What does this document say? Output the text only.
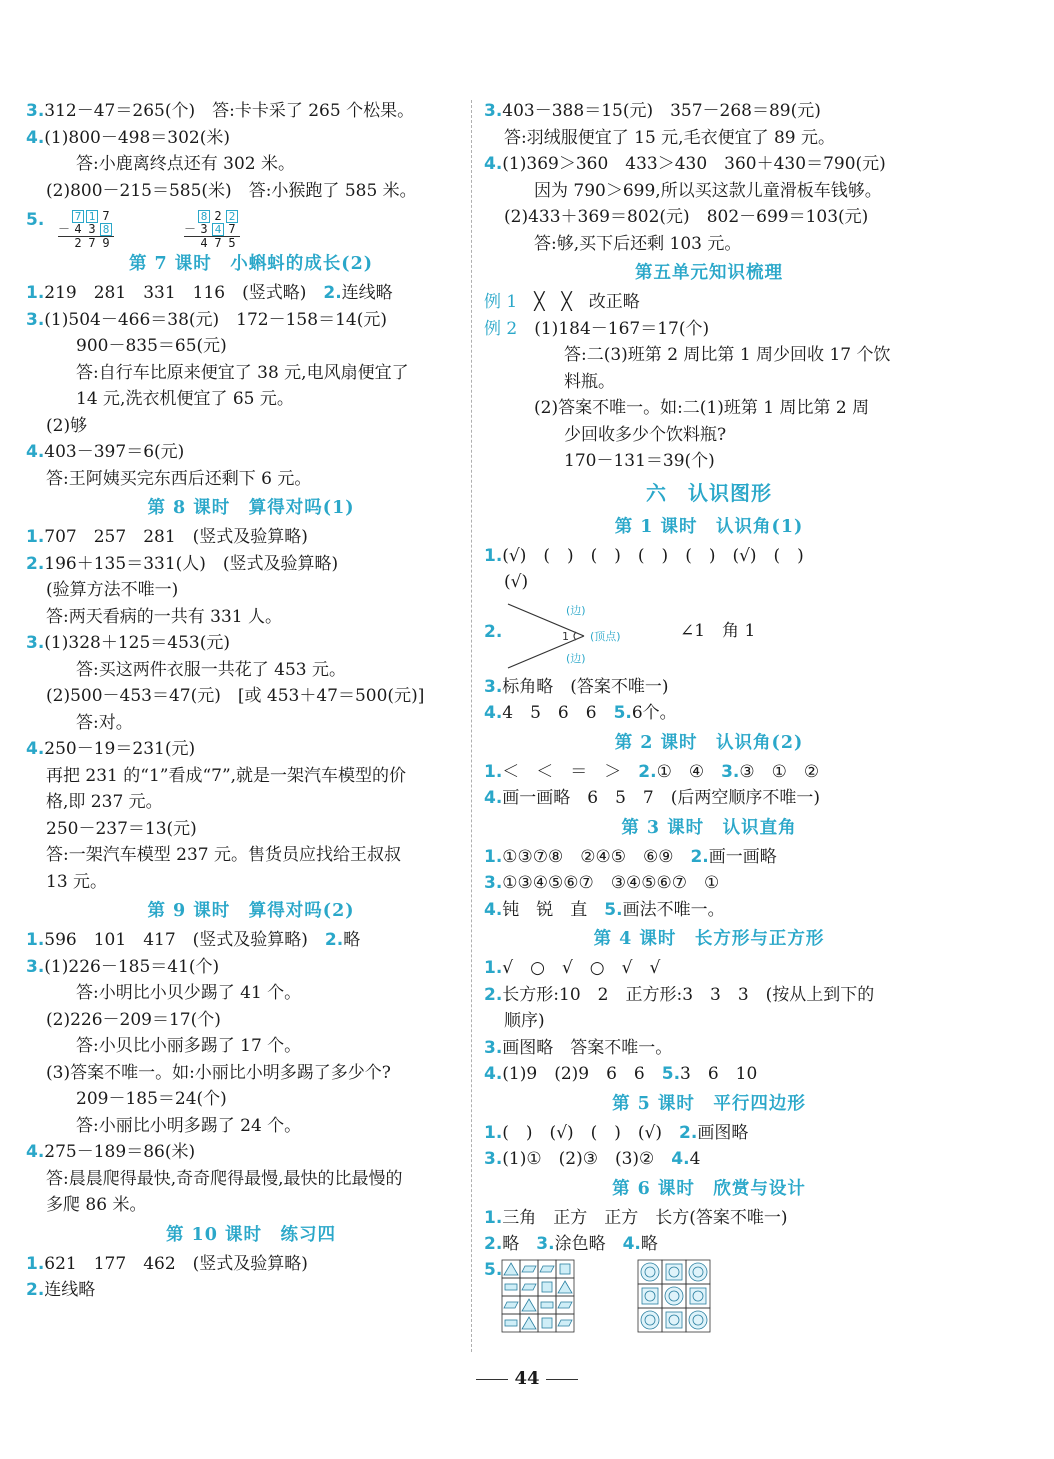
3.312－47＝265(个)　答:卡卡采了 265 个松果。
4.(1)800－498＝302(米)
答:小鹿离终点还有 302 米。
(2)800－215＝585(米)　答:小猴跑了 585 米。
5.	7 1 7
－ 4 3 8
2 7 9
8 2 2
－ 3 4 7
4 7 5
第 7 课时　小蝌蚪的成长(2)
1.219　281　331　116　(竖式略)　2.连线略
3.(1)504－466＝38(元)　172－158＝14(元)
900－835＝65(元)
答:自行车比原来便宜了 38 元,电风扇便宜了
14 元,洗衣机便宜了 65 元。
(2)够
4.403－397＝6(元)
答:王阿姨买完东西后还剩下 6 元。
第 8 课时　算得对吗(1)
1.707　257　281　(竖式及验算略)
2.196＋135＝331(人)　(竖式及验算略)
(验算方法不唯一)
答:两天看病的一共有 331 人。
3.(1)328＋125＝453(元)
答:买这两件衣服一共花了 453 元。
(2)500－453＝47(元)　[或 453＋47＝500(元)]
答:对。
4.250－19＝231(元)
再把 231 的“1”看成“7”,就是一架汽车模型的价
格,即 237 元。
250－237＝13(元)
答:一架汽车模型 237 元。售货员应找给王叔叔
13 元。
第 9 课时　算得对吗(2)
1.596　101　417　(竖式及验算略)　2.略
3.(1)226－185＝41(个)
答:小明比小贝少踢了 41 个。
(2)226－209＝17(个)
答:小贝比小丽多踢了 17 个。
(3)答案不唯一。如:小丽比小明多踢了多少个?
209－185＝24(个)
答:小丽比小明多踢了 24 个。
4.275－189＝86(米)
答:晨晨爬得最快,奇奇爬得最慢,最快的比最慢的
多爬 86 米。
第 10 课时　练习四
1.621　177　462　(竖式及验算略)
2.连线略
3.403－388＝15(元)　357－268＝89(元)
答:羽绒服便宜了 15 元,毛衣便宜了 89 元。
4.(1)369＞360　433＞430　360＋430＝790(元)
因为 790＞699,所以买这款儿童滑板车钱够。
(2)433＋369＝802(元)　802－699＝103(元)
答:够,买下后还剩 103 元。
第五单元知识梳理
例 1　╳　╳　改正略
例 2　(1)184－167＝17(个)
答:二(3)班第 2 周比第 1 周少回收 17 个饮
料瓶。
(2)答案不唯一。如:二(1)班第 1 周比第 2 周
少回收多少个饮料瓶?
170－131＝39(个)
六　认识图形
第 1 课时　认识角(1)
1.(√)　(　)　(　)　(　)　(　)　(√)　(　)
(√)
2.
(边)
(边)
(顶点)
1	∠1　角 1
3.标角略　(答案不唯一)
4.4　5　6　6　5.6个。
第 2 课时　认识角(2)
1.＜　＜　＝　＞　2.①　④　3.③　①　②
4.画一画略　6　5　7　(后两空顺序不唯一)
第 3 课时　认识直角
1.①③⑦⑧　②④⑤　⑥⑨　2.画一画略
3.①③④⑤⑥⑦　③④⑤⑥⑦　①
4.钝　锐　直　5.画法不唯一。
第 4 课时　长方形与正方形
1.√　○　√　○　√　√
2.长方形:10　2　正方形:3　3　3　(按从上到下的
顺序)
3.画图略　答案不唯一。
4.(1)9　(2)9　6　6　5.3　6　10
第 5 课时　平行四边形
1.(　)　(√)　(　)　(√)　2.画图略
3.(1)①　(2)③　(3)②　4.4
第 6 课时　欣赏与设计
1.三角　正方　正方　长方(答案不唯一)
2.略　3.涂色略　4.略
5.
44
